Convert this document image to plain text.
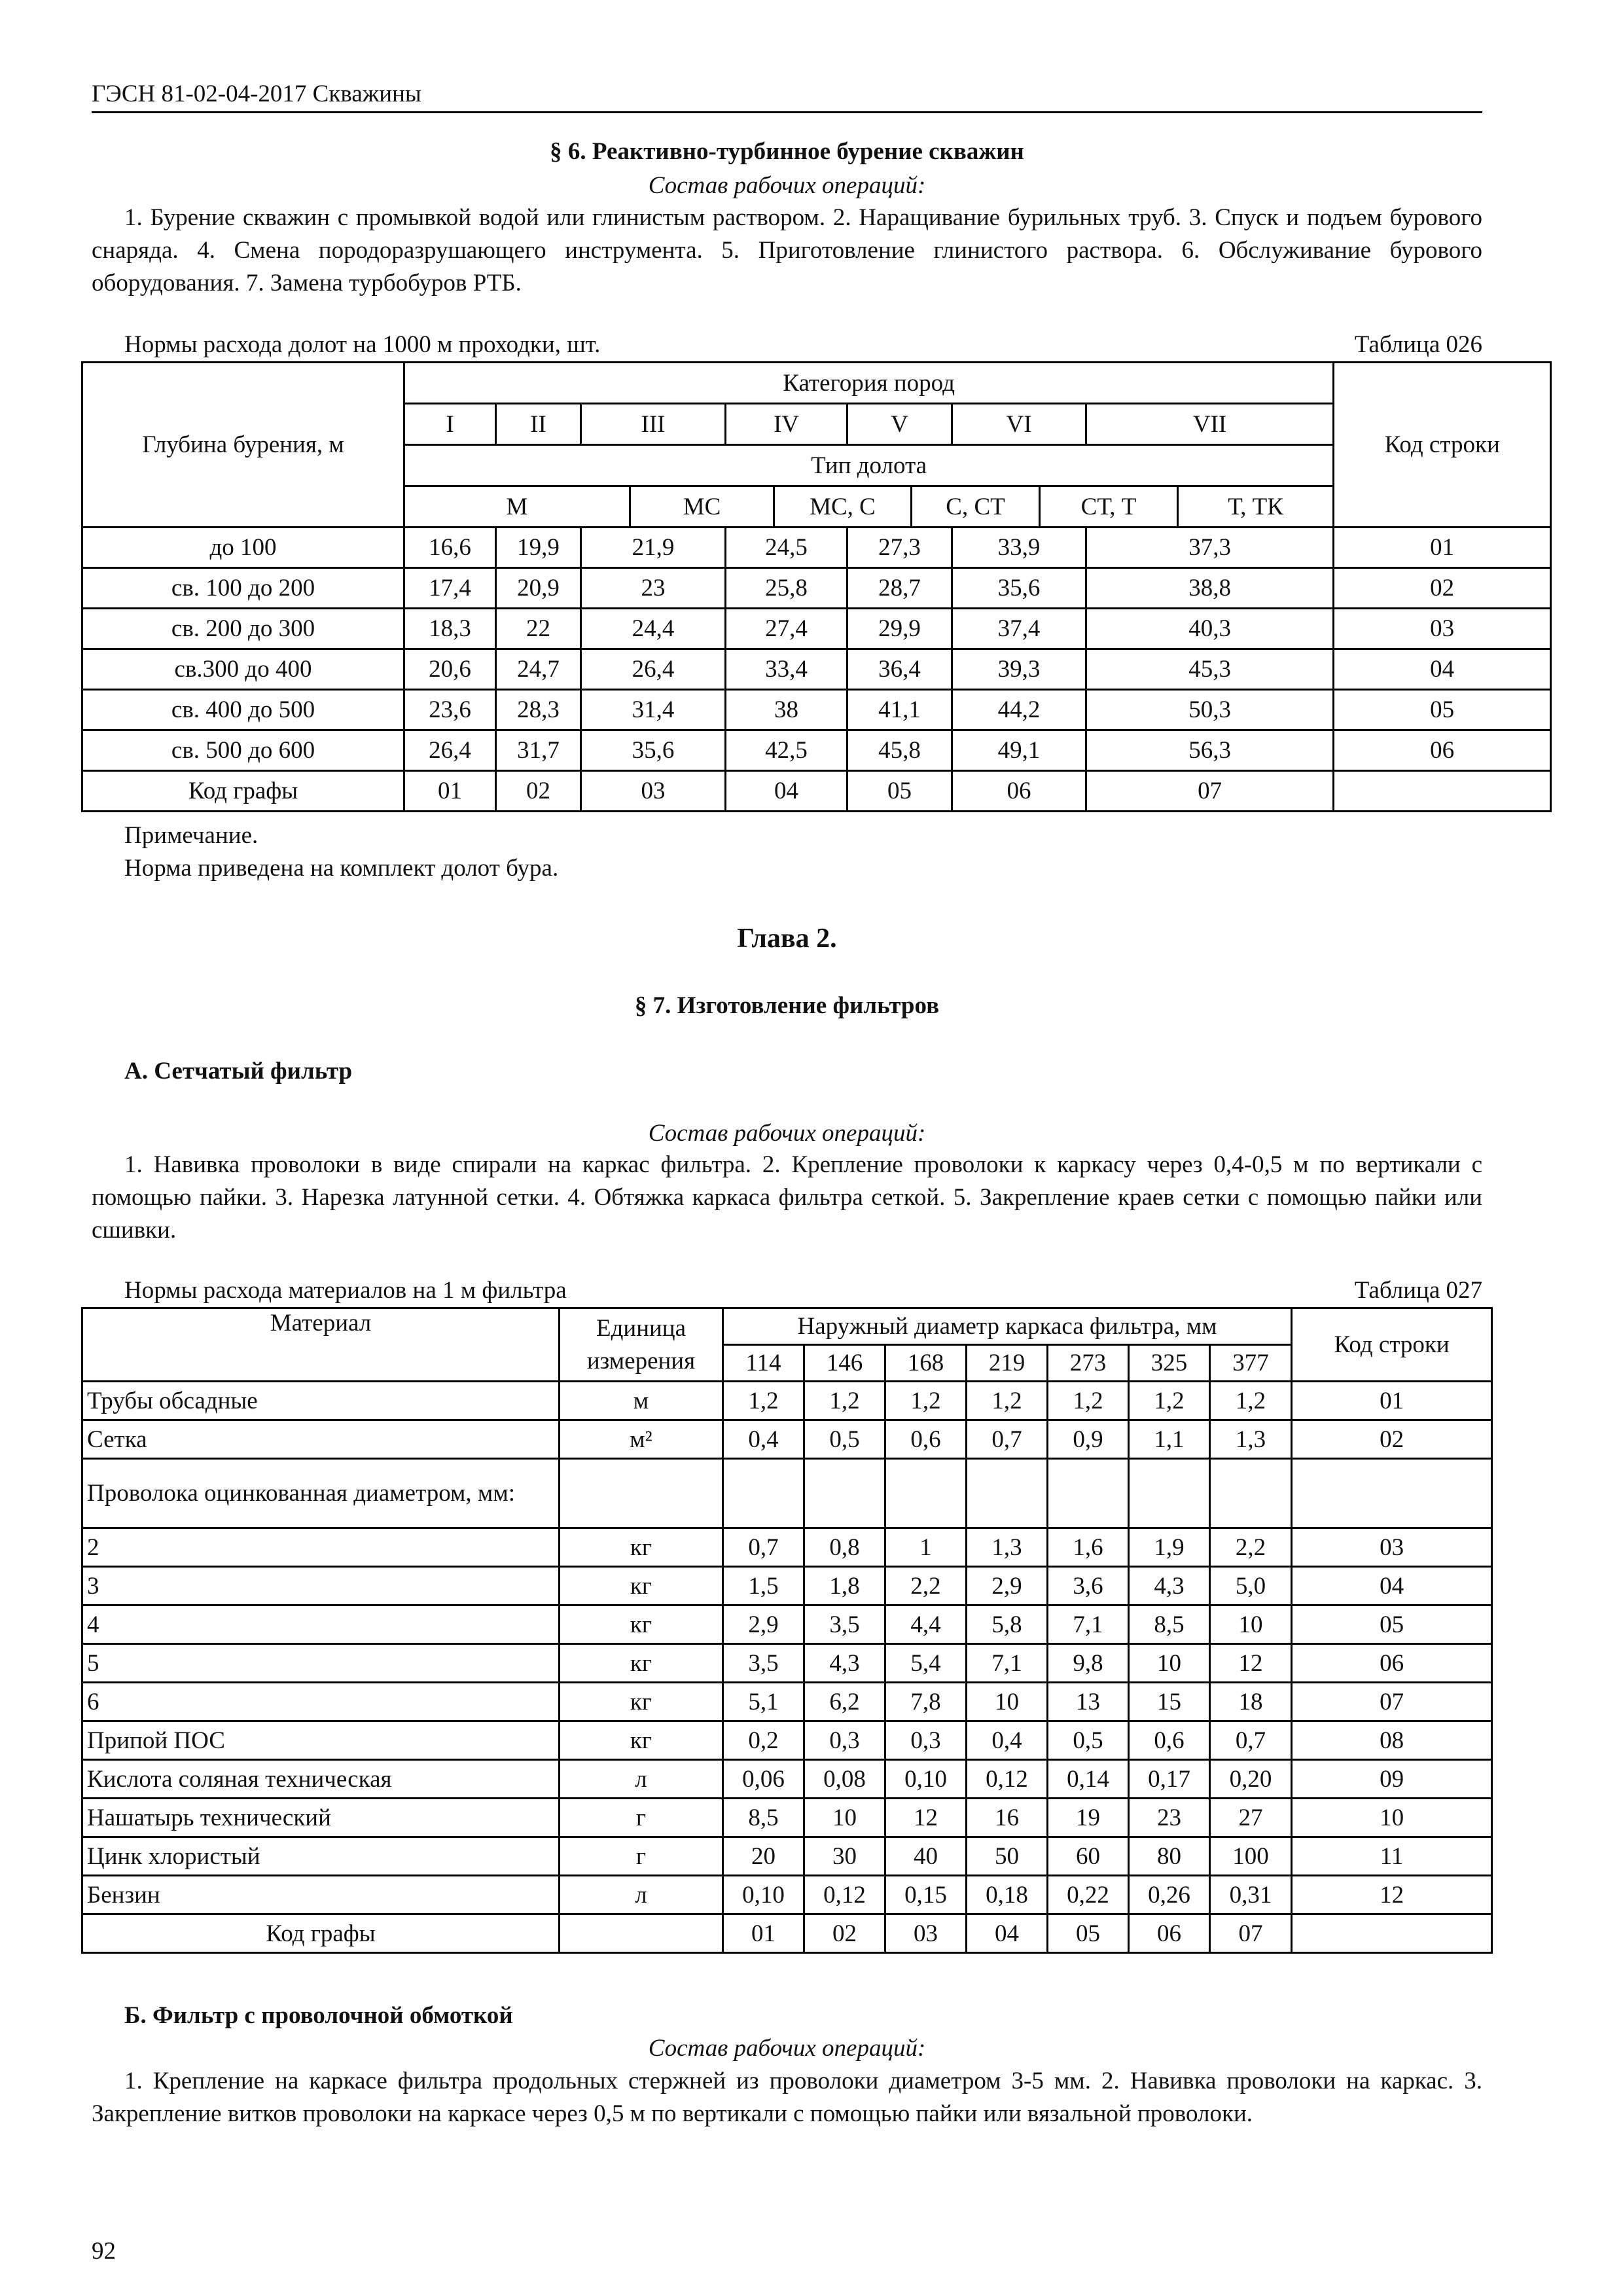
ГЭСН 81-02-04-2017 Скважины
§ 6. Реактивно-турбинное бурение скважин
Состав рабочих операций:
1. Бурение скважин с промывкой водой или глинистым раствором. 2. Наращивание бурильных труб. 3. Спуск и подъем бурового снаряда. 4. Смена породоразрушающего инструмента. 5. Приготовление глинистого раствора. 6. Обслуживание бурового оборудования. 7. Замена турбобуров РТБ.
Нормы расхода долот на 1000 м проходки, шт.	Таблица 026
Глубина бурения, м	Категория пород												Код строки
	I	II	III		IV		V		VI		VII		
	Тип долота												
	М			МС		МС, С		С, СТ		СТ, Т		Т, ТК	
до 100	16,6	19,9	21,9		24,5		27,3		33,9		37,3		01
св. 100 до 200	17,4	20,9	23		25,8		28,7		35,6		38,8		02
св. 200 до 300	18,3	22	24,4		27,4		29,9		37,4		40,3		03
св.300 до 400	20,6	24,7	26,4		33,4		36,4		39,3		45,3		04
св. 400 до 500	23,6	28,3	31,4		38		41,1		44,2		50,3		05
св. 500 до 600	26,4	31,7	35,6		42,5		45,8		49,1		56,3		06
Код графы	01	02	03		04		05		06		07		
Примечание.
Норма приведена на комплект долот бура.
Глава 2.
§ 7. Изготовление фильтров
А. Сетчатый фильтр
Состав рабочих операций:
1. Навивка проволоки в виде спирали на каркас фильтра. 2. Крепление проволоки к каркасу через 0,4-0,5 м по вертикали с помощью пайки. 3. Нарезка латунной сетки. 4. Обтяжка каркаса фильтра сеткой. 5. Закрепление краев сетки с помощью пайки или сшивки.
Нормы расхода материалов на 1 м фильтра	Таблица 027
Материал	Единица измерения	Наружный диаметр каркаса фильтра, мм							Код строки
		114	146	168	219	273	325	377	
Трубы обсадные	м	1,2	1,2	1,2	1,2	1,2	1,2	1,2	01
Сетка	м²	0,4	0,5	0,6	0,7	0,9	1,1	1,3	02
Проволока оцинкованная диаметром, мм:									
2	кг	0,7	0,8	1	1,3	1,6	1,9	2,2	03
3	кг	1,5	1,8	2,2	2,9	3,6	4,3	5,0	04
4	кг	2,9	3,5	4,4	5,8	7,1	8,5	10	05
5	кг	3,5	4,3	5,4	7,1	9,8	10	12	06
6	кг	5,1	6,2	7,8	10	13	15	18	07
Припой ПОС	кг	0,2	0,3	0,3	0,4	0,5	0,6	0,7	08
Кислота соляная техническая	л	0,06	0,08	0,10	0,12	0,14	0,17	0,20	09
Нашатырь технический	г	8,5	10	12	16	19	23	27	10
Цинк хлористый	г	20	30	40	50	60	80	100	11
Бензин	л	0,10	0,12	0,15	0,18	0,22	0,26	0,31	12
Код графы		01	02	03	04	05	06	07	
Б. Фильтр с проволочной обмоткой
Состав рабочих операций:
1. Крепление на каркасе фильтра продольных стержней из проволоки диаметром 3-5 мм. 2. Навивка проволоки на каркас. 3. Закрепление витков проволоки на каркасе через 0,5 м по вертикали с помощью пайки или вязальной проволоки.
92
